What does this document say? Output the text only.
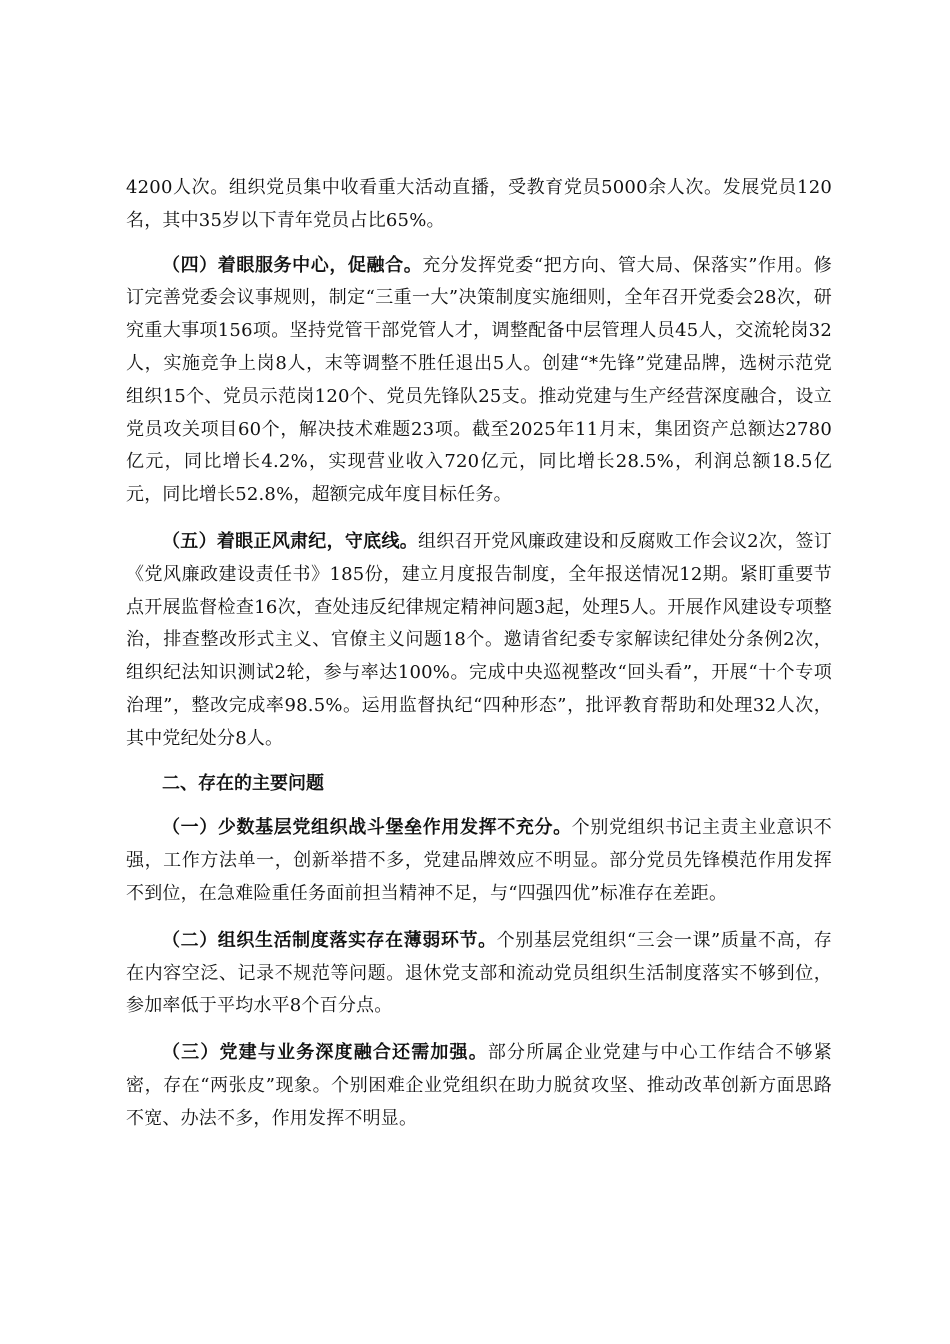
4200人次。组织党员集中收看重大活动直播，受教育党员5000余人次。发展党员120名，其中35岁以下青年党员占比65%。

（四）着眼服务中心，促融合。充分发挥党委“把方向、管大局、保落实”作用。修订完善党委会议事规则，制定“三重一大”决策制度实施细则，全年召开党委会28次，研究重大事项156项。坚持党管干部党管人才，调整配备中层管理人员45人，交流轮岗32人，实施竞争上岗8人，末等调整不胜任退出5人。创建“*先锋”党建品牌，选树示范党组织15个、党员示范岗120个、党员先锋队25支。推动党建与生产经营深度融合，设立党员攻关项目60个，解决技术难题23项。截至2025年11月末，集团资产总额达2780亿元，同比增长4.2%，实现营业收入720亿元，同比增长28.5%，利润总额18.5亿元，同比增长52.8%，超额完成年度目标任务。

（五）着眼正风肃纪，守底线。组织召开党风廉政建设和反腐败工作会议2次，签订《党风廉政建设责任书》185份，建立月度报告制度，全年报送情况12期。紧盯重要节点开展监督检查16次，查处违反纪律规定精神问题3起，处理5人。开展作风建设专项整治，排查整改形式主义、官僚主义问题18个。邀请省纪委专家解读纪律处分条例2次，组织纪法知识测试2轮，参与率达100%。完成中央巡视整改“回头看”，开展“十个专项治理”，整改完成率98.5%。运用监督执纪“四种形态”，批评教育帮助和处理32人次，其中党纪处分8人。

二、存在的主要问题

（一）少数基层党组织战斗堡垒作用发挥不充分。个别党组织书记主责主业意识不强，工作方法单一，创新举措不多，党建品牌效应不明显。部分党员先锋模范作用发挥不到位，在急难险重任务面前担当精神不足，与“四强四优”标准存在差距。

（二）组织生活制度落实存在薄弱环节。个别基层党组织“三会一课”质量不高，存在内容空泛、记录不规范等问题。退休党支部和流动党员组织生活制度落实不够到位，参加率低于平均水平8个百分点。

（三）党建与业务深度融合还需加强。部分所属企业党建与中心工作结合不够紧密，存在“两张皮”现象。个别困难企业党组织在助力脱贫攻坚、推动改革创新方面思路不宽、办法不多，作用发挥不明显。
